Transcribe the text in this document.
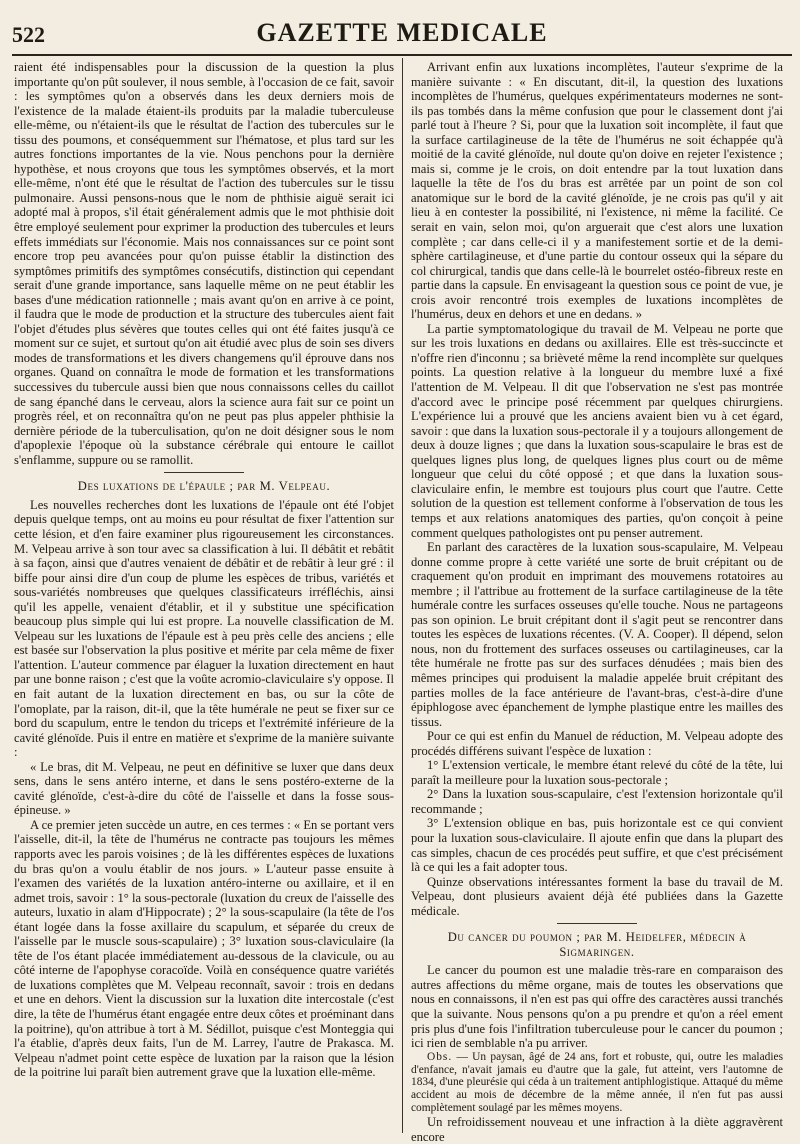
522	GAZETTE MEDICALE

raient été indispensables pour la discussion de la question la plus importante qu'on pût soulever, il nous semble, à l'occasion de ce fait, savoir : les symptômes qu'on a observés dans les deux derniers mois de l'existence de la malade étaient-ils produits par la maladie tuberculeuse elle-même, ou n'étaient-ils que le résultat de l'action des tubercules sur le tissu des poumons, et conséquemment sur l'hématose, et plus tard sur les autres fonctions importantes de la vie. Nous penchons pour la dernière hypothèse, et nous croyons que tous les symptômes observés, et la mort elle-même, n'ont été que le résultat de l'action des tubercules sur le tissu pulmonaire. Aussi pensons-nous que le nom de phthisie aiguë serait ici adopté mal à propos, s'il était généralement admis que le mot phthisie doit être employé seulement pour exprimer la production des tubercules et leurs effets immédiats sur l'économie. Mais nos connaissances sur ce point sont encore trop peu avancées pour qu'on puisse établir la distinction des symptômes primitifs des symptômes consécutifs, distinction qui cependant serait d'une grande importance, sans laquelle même on ne peut établir les bases d'une médication rationnelle ; mais avant qu'on en arrive à ce point, il faudra que le mode de production et la structure des tubercules aient fait l'objet d'études plus sévères que toutes celles qui ont été faites jusqu'à ce moment sur ce sujet, et surtout qu'on ait étudié avec plus de soin ses divers modes de transformations et les divers changemens qu'il éprouve dans nos organes. Quand on connaîtra le mode de formation et les transformations successives du tubercule aussi bien que nous connaissons celles du caillot de sang épanché dans le cerveau, alors la science aura fait sur ce point un progrès réel, et on reconnaîtra qu'on ne peut pas plus appeler phthisie la dernière période de la tuberculisation, qu'on ne doit désigner sous le nom d'apoplexie l'époque où la substance cérébrale qui entoure le caillot s'enflamme, suppure ou se ramollit.

Des luxations de l'épaule ; par M. Velpeau.

Les nouvelles recherches dont les luxations de l'épaule ont été l'objet depuis quelque temps, ont au moins eu pour résultat de fixer l'attention sur cette lésion, et d'en faire examiner plus rigoureusement les circonstances. M. Velpeau arrive à son tour avec sa classification à lui. Il débâtit et rebâtit à sa façon, ainsi que d'autres venaient de débâtir et de rebâtir à leur gré : il biffe pour ainsi dire d'un coup de plume les espèces de tribus, variétés et sous-variétés nombreuses que quelques classificateurs irréfléchis, ainsi qu'il les appelle, venaient d'établir, et il y substitue une spécification beaucoup plus simple qui lui est propre. La nouvelle classification de M. Velpeau sur les luxations de l'épaule est à peu près celle des anciens ; elle est basée sur l'observation la plus positive et mérite par cela même de fixer l'attention. L'auteur commence par élaguer la luxation directement en haut par une bonne raison ; c'est que la voûte acromio-claviculaire s'y oppose. Il en fait autant de la luxation directement en bas, ou sur la côte de l'omoplate, par la raison, dit-il, que la tête humérale ne peut se fixer sur ce bord du scapulum, entre le tendon du triceps et l'extrémité inférieure de la cavité glénoïde. Puis il entre en matière et s'exprime de la manière suivante :

« Le bras, dit M. Velpeau, ne peut en définitive se luxer que dans deux sens, dans le sens antéro interne, et dans le sens postéro-externe de la cavité glénoïde, c'est-à-dire du côté de l'aisselle et dans la fosse sous-épineuse. »

A ce premier jeten succède un autre, en ces termes : « En se portant vers l'aisselle, dit-il, la tête de l'humérus ne contracte pas toujours les mêmes rapports avec les parois voisines ; de là les différentes espèces de luxations du bras qu'on a voulu établir de nos jours. » L'auteur passe ensuite à l'examen des variétés de la luxation antéro-interne ou axillaire, et il en admet trois, savoir : 1° la sous-pectorale (luxation du creux de l'aisselle des auteurs, luxatio in alam d'Hippocrate) ; 2° la sous-scapulaire (la tête de l'os étant logée dans la fosse axillaire du scapulum, et séparée du creux de l'aisselle par le muscle sous-scapulaire) ; 3° luxation sous-claviculaire (la tête de l'os étant placée immédiatement au-dessous de la clavicule, ou au côté interne de l'apophyse coracoïde. Voilà en conséquence quatre variétés de luxations complètes que M. Velpeau reconnaît, savoir : trois en dedans et une en dehors. Vient la discussion sur la luxation dite intercostale (c'est dire, la tête de l'humérus étant engagée entre deux côtes et proéminant dans la poitrine), qu'on attribue à tort à M. Sédillot, puisque c'est Monteggia qui l'a établie, d'après deux faits, l'un de M. Larrey, l'autre de Prakasca. M. Velpeau n'admet point cette espèce de luxation par la raison que la lésion de la poitrine lui paraît bien autrement grave que la luxation elle-même.

Arrivant enfin aux luxations incomplètes, l'auteur s'exprime de la manière suivante : « En discutant, dit-il, la question des luxations incomplètes de l'humérus, quelques expérimentateurs modernes ne sont-ils pas tombés dans la même confusion que pour le classement dont j'ai parlé tout à l'heure ? Si, pour que la luxation soit incomplète, il faut que la surface cartilagineuse de la tête de l'humérus ne soit échappée qu'à moitié de la cavité glénoïde, nul doute qu'on doive en rejeter l'existence ; mais si, comme je le crois, on doit entendre par la tout luxation dans laquelle la tête de l'os du bras est arrêtée par un point de son col anatomique sur le bord de la cavité glénoïde, je ne crois pas qu'il y ait lieu à en contester la possibilité, ni l'existence, ni même la facilité. Ce serait en vain, selon moi, qu'on arguerait que c'est alors une luxation complète ; car dans celle-ci il y a manifestement sortie et de la demi-sphère cartilagineuse, et d'une partie du contour osseux qui la sépare du col chirurgical, tandis que dans celle-là le bourrelet ostéo-fibreux reste en partie dans la capsule. En envisageant la question sous ce point de vue, je crois avoir rencontré trois exemples de luxations incomplètes de l'humérus, deux en dehors et une en dedans. »

La partie symptomatologique du travail de M. Velpeau ne porte que sur les trois luxations en dedans ou axillaires. Elle est très-succincte et n'offre rien d'inconnu ; sa brièveté même la rend incomplète sur quelques points. La question relative à la longueur du membre luxé a fixé l'attention de M. Velpeau. Il dit que l'observation ne s'est pas montrée d'accord avec le principe posé récemment par quelques chirurgiens. L'expérience lui a prouvé que les anciens avaient bien vu à cet égard, savoir : que dans la luxation sous-pectorale il y a toujours allongement de deux à douze lignes ; que dans la luxation sous-scapulaire le bras est de quelques lignes plus long, de quelques lignes plus court ou de même longueur que celui du côté opposé ; et que dans la luxation sous-claviculaire enfin, le membre est toujours plus court que l'autre. Cette solution de la question est tellement conforme à l'observation de tous les temps et aux relations anatomiques des parties, qu'on conçoit à peine comment quelques pathologistes ont pu penser autrement.

En parlant des caractères de la luxation sous-scapulaire, M. Velpeau donne comme propre à cette variété une sorte de bruit crépitant ou de craquement qu'on produit en imprimant des mouvemens rotatoires au membre ; il l'attribue au frottement de la surface cartilagineuse de la tête humérale contre les surfaces osseuses qu'elle touche. Nous ne partageons pas son opinion. Le bruit crépitant dont il s'agit peut se rencontrer dans toutes les espèces de luxations récentes. (V. A. Cooper). Il dépend, selon nous, non du frottement des surfaces osseuses ou cartilagineuses, car la tête humérale ne frotte pas sur des surfaces dénudées ; mais bien des mêmes principes qui produisent la maladie appelée bruit crépitant des parties molles de la face antérieure de l'avant-bras, c'est-à-dire d'une épiphlogose avec épanchement de lymphe plastique entre les mailles des tissus.

Pour ce qui est enfin du Manuel de réduction, M. Velpeau adopte des procédés différens suivant l'espèce de luxation :

1° L'extension verticale, le membre étant relevé du côté de la tête, lui paraît la meilleure pour la luxation sous-pectorale ;

2° Dans la luxation sous-scapulaire, c'est l'extension horizontale qu'il recommande ;

3° L'extension oblique en bas, puis horizontale est ce qui convient pour la luxation sous-claviculaire. Il ajoute enfin que dans la plupart des cas simples, chacun de ces procédés peut suffire, et que c'est précisément là ce qui les a fait adopter tous.

Quinze observations intéressantes forment la base du travail de M. Velpeau, dont plusieurs avaient déjà été publiées dans la Gazette médicale.

Du cancer du poumon ; par M. Heidelfer, médecin à Sigmaringen.

Le cancer du poumon est une maladie très-rare en comparaison des autres affections du même organe, mais de toutes les observations que nous en connaissons, il n'en est pas qui offre des caractères aussi tranchés que la suivante. Nous pensons qu'on a pu prendre et qu'on a réel ement pris plus d'une fois l'infiltration tuberculeuse pour le cancer du poumon ; ici rien de semblable n'a pu arriver.

Obs. — Un paysan, âgé de 24 ans, fort et robuste, qui, outre les maladies d'enfance, n'avait jamais eu d'autre que la gale, fut atteint, vers l'automne de 1834, d'une pleurésie qui céda à un traitement antiphlogistique. Attaqué du même accident au mois de décembre de la même année, il n'en fut pas aussi complètement soulagé par les mêmes moyens.

Un refroidissement nouveau et une infraction à la diète aggravèrent encore
